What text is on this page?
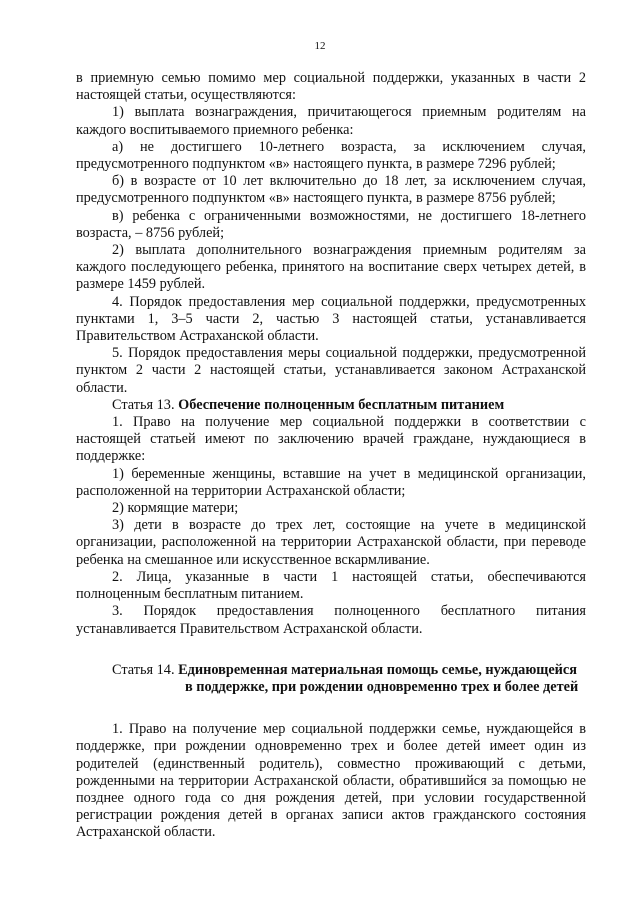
12

в приемную семью помимо мер социальной поддержки, указанных в части 2 настоящей статьи, осуществляются:

1) выплата вознаграждения, причитающегося приемным родителям на каждого воспитываемого приемного ребенка:

а) не достигшего 10-летнего возраста, за исключением случая, предусмотренного подпунктом «в» настоящего пункта, в размере 7296 рублей;

б) в возрасте от 10 лет включительно до 18 лет, за исключением случая, предусмотренного подпунктом «в» настоящего пункта, в размере 8756 рублей;

в) ребенка с ограниченными возможностями, не достигшего 18-летнего возраста, – 8756 рублей;

2) выплата дополнительного вознаграждения приемным родителям за каждого последующего ребенка, принятого на воспитание сверх четырех детей, в размере 1459 рублей.

4. Порядок предоставления мер социальной поддержки, предусмотренных пунктами 1, 3–5 части 2, частью 3 настоящей статьи, устанавливается Правительством Астраханской области.

5. Порядок предоставления меры социальной поддержки, предусмотренной пунктом 2 части 2 настоящей статьи, устанавливается законом Астраханской области.

Статья 13. Обеспечение полноценным бесплатным питанием

1. Право на получение мер социальной поддержки в соответствии с настоящей статьей имеют по заключению врачей граждане, нуждающиеся в поддержке:

1) беременные женщины, вставшие на учет в медицинской организации, расположенной на территории Астраханской области;

2) кормящие матери;

3) дети в возрасте до трех лет, состоящие на учете в медицинской организации, расположенной на территории Астраханской области, при переводе ребенка на смешанное или искусственное вскармливание.

2. Лица, указанные в части 1 настоящей статьи, обеспечиваются полноценным бесплатным питанием.

3. Порядок предоставления полноценного бесплатного питания устанавливается Правительством Астраханской области.

Статья 14. Единовременная материальная помощь семье, нуждающейся
в поддержке, при рождении одновременно трех и более детей

1. Право на получение мер социальной поддержки семье, нуждающейся в поддержке, при рождении одновременно трех и более детей имеет один из родителей (единственный родитель), совместно проживающий с детьми, рожденными на территории Астраханской области, обратившийся за помощью не позднее одного года со дня рождения детей, при условии государственной регистрации рождения детей в органах записи актов гражданского состояния Астраханской области.
